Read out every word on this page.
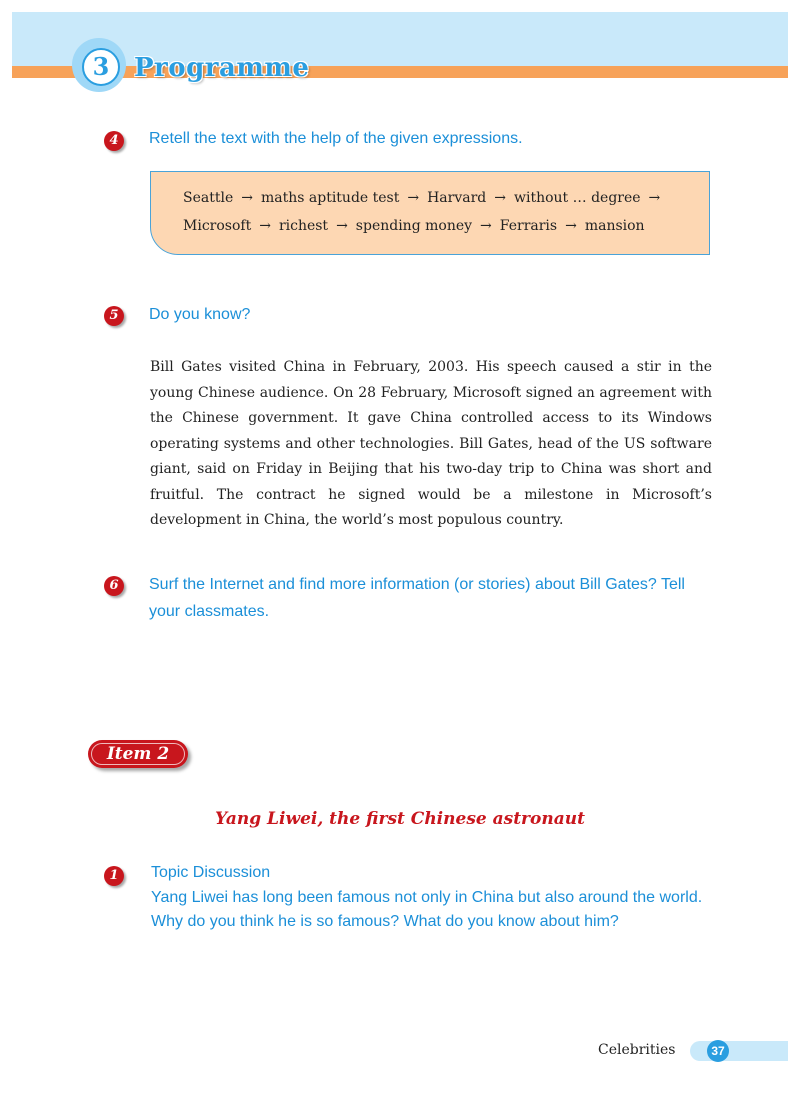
3 Programme
4	Retell the text with the help of the given expressions.
Seattle → maths aptitude test → Harvard → without … degree →
Microsoft → richest → spending money → Ferraris → mansion
5	Do you know?

Bill Gates visited China in February, 2003. His speech caused a stir in the young Chinese audience. On 28 February, Microsoft signed an agreement with the Chinese government. It gave China controlled access to its Windows operating systems and other technologies. Bill Gates, head of the US software giant, said on Friday in Beijing that his two-day trip to China was short and fruitful. The contract he signed would be a milestone in Microsoft’s development in China, the world’s most populous country.

6	Surf the Internet and find more information (or stories) about Bill Gates? Tell
your classmates.
Item 2
Yang Liwei, the first Chinese astronaut
1	Topic Discussion
Yang Liwei has long been famous not only in China but also around the world.
Why do you think he is so famous? What do you know about him?
Celebrities	37
